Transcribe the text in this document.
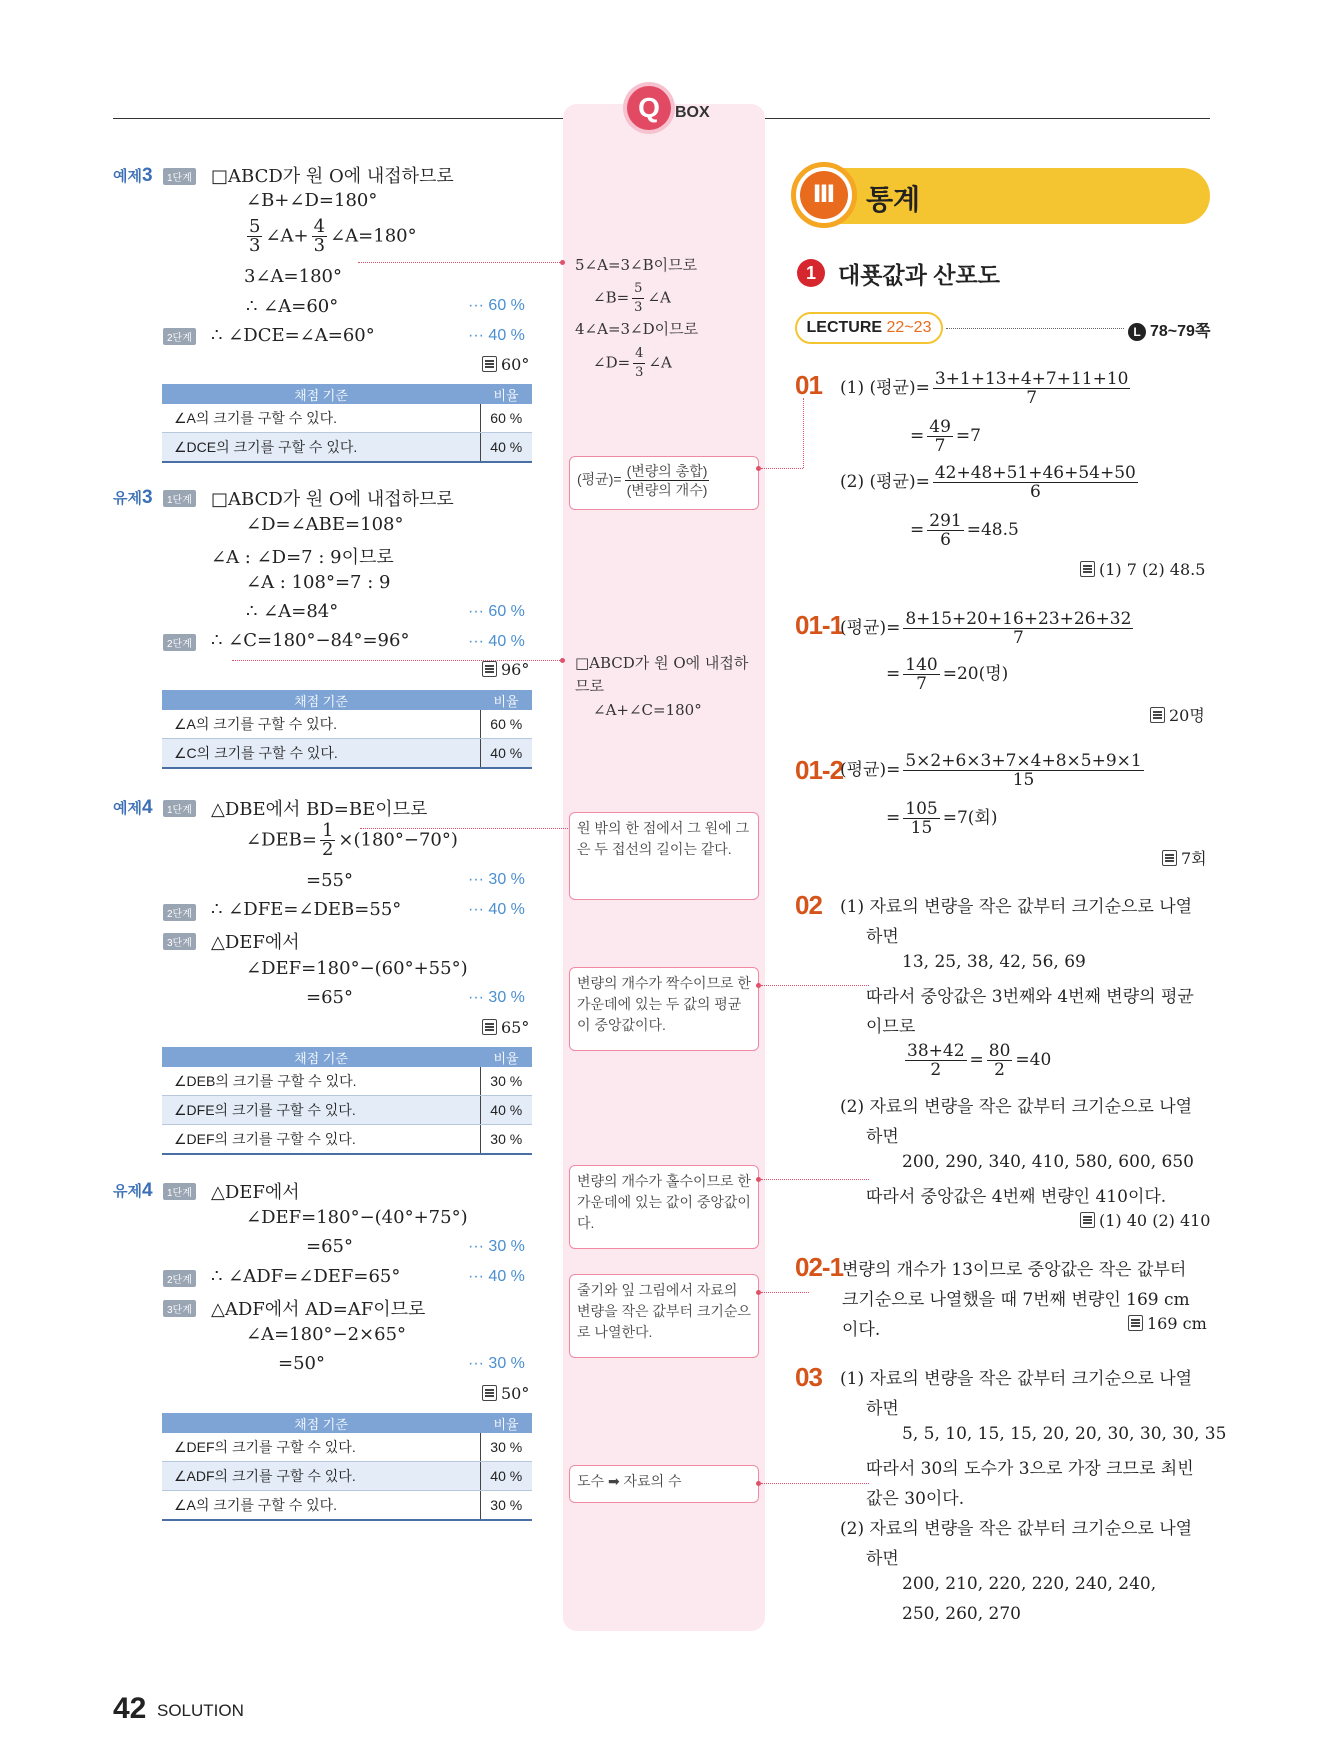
Q BOX
예제3	1단계 □ABCD가 원 O에 내접하므로
∠B+∠D=180°
$\frac{5}{3}$ ∠A+ $\frac{4}{3}$ ∠A=180°
3∠A=180°
∴ ∠A=60°	··· 60 %
2단계 ∴ ∠DCE=∠A=60°	··· 40 %
60°
채점 기준	비율
∠A의 크기를 구할 수 있다.	60 %
∠DCE의 크기를 구할 수 있다.	40 %
유제3	1단계 □ABCD가 원 O에 내접하므로
∠D=∠ABE=108°
∠A : ∠D=7 : 9이므로
∠A : 108°=7 : 9
∴ ∠A=84°	··· 60 %
2단계 ∴ ∠C=180°−84°=96°	··· 40 %
96°
채점 기준	비율
∠A의 크기를 구할 수 있다.	60 %
∠C의 크기를 구할 수 있다.	40 %
예제4	1단계 △DBE에서 BD=BE이므로
∠DEB= $\frac{1}{2} \times(180^\circ-70^\circ)$
=55°	··· 30 %
2단계 ∴ ∠DFE=∠DEB=55°	··· 40 %
3단계 △DEF에서
∠DEF=180°−(60°+55°)
=65°	··· 30 %
65°
채점 기준	비율
∠DEB의 크기를 구할 수 있다.	30 %
∠DFE의 크기를 구할 수 있다.	40 %
∠DEF의 크기를 구할 수 있다.	30 %
유제4	1단계 △DEF에서
∠DEF=180°−(40°+75°)
=65°	··· 30 %
2단계 ∴ ∠ADF=∠DEF=65°	··· 40 %
3단계 △ADF에서 AD=AF이므로
∠A=180°−2×65°
=50°	··· 30 %
50°
채점 기준	비율
∠DEF의 크기를 구할 수 있다.	30 %
∠ADF의 크기를 구할 수 있다.	40 %
∠A의 크기를 구할 수 있다.	30 %
5∠A=3∠B이므로
∠B= $\frac{5}{3}$ ∠A
4∠A=3∠D이므로
∠D= $\frac{4}{3}$ ∠A
(평균)= $\frac{\text{(변량의 총합)}}{\text{(변량의 개수)}}$
□ABCD가 원 O에 내접하
므로
∠A+∠C=180°
원 밖의 한 점에서 그 원에 그은 두 접선의 길이는 같다.
변량의 개수가 짝수이므로 한가운데에 있는 두 값의 평균이 중앙값이다.
변량의 개수가 홀수이므로 한가운데에 있는 값이 중앙값이다.
줄기와 잎 그림에서 자료의 변량을 작은 값부터 크기순으로 나열한다.
도수 ➡ 자료의 수
Ⅲ	통계
1 대푯값과 산포도
LECTURE 22~23	L 78~79쪽
01 (1) (평균)= $\frac{3+1+13+4+7+11+10}{7}$
= $\frac{49}{7} =7$
(2) (평균)= $\frac{42+48+51+46+54+50}{6}$
= $\frac{291}{6} =48.5$
(1) 7 (2) 48.5
01-1
(평균)= $\frac{8+15+20+16+23+26+32}{7}$
= $\frac{140}{7} =20$(명)
20명
01-2
(평균)= $\frac{5\times 2+6\times 3+7\times 4+8\times 5+9\times 1}{15}$
= $\frac{105}{15} =7$(회)
7회
02 (1) 자료의 변량을 작은 값부터 크기순으로 나열
하면
13, 25, 38, 42, 56, 69
따라서 중앙값은 3번째와 4번째 변량의 평균
이므로
$\frac{38+42}{2} = \frac{80}{2} =40$
(2) 자료의 변량을 작은 값부터 크기순으로 나열
하면
200, 290, 340, 410, 580, 600, 650
따라서 중앙값은 4번째 변량인 410이다.
(1) 40 (2) 410
02-1
변량의 개수가 13이므로 중앙값은 작은 값부터
크기순으로 나열했을 때 7번째 변량인 169 cm
이다.	169 cm
03 (1) 자료의 변량을 작은 값부터 크기순으로 나열
하면
5, 5, 10, 15, 15, 20, 20, 30, 30, 30, 35
따라서 30의 도수가 3으로 가장 크므로 최빈
값은 30이다.
(2) 자료의 변량을 작은 값부터 크기순으로 나열
하면
200, 210, 220, 220, 240, 240,
250, 260, 270
42 SOLUTION
